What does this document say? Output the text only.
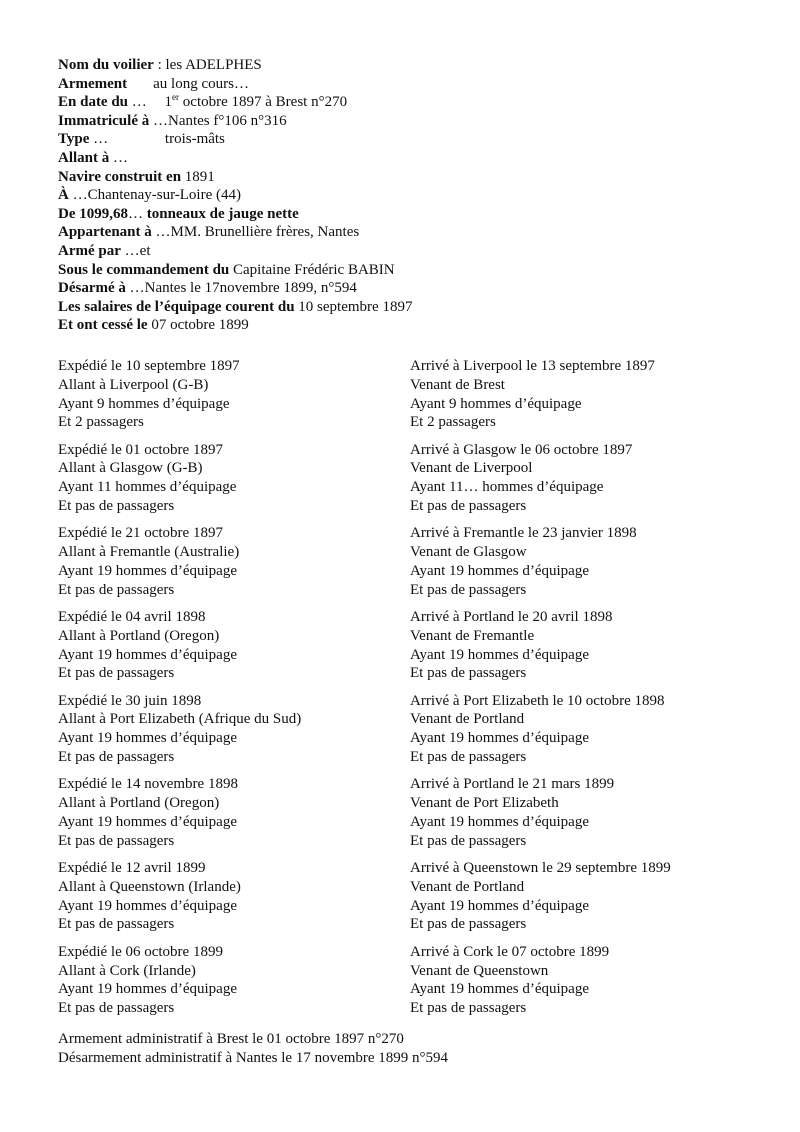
Nom du voilier : les ADELPHES
Armement au long cours…
En date du … 1er octobre 1897 à Brest n°270
Immatriculé à …Nantes f°106 n°316
Type …	trois-mâts
Allant à …
Navire construit en 1891
À …Chantenay-sur-Loire (44)
De 1099,68… tonneaux de jauge nette
Appartenant à …MM. Brunellière frères, Nantes
Armé par …et
Sous le commandement du Capitaine Frédéric BABIN
Désarmé à …Nantes le 17novembre 1899, n°594
Les salaires de l’équipage courent du 10 septembre 1897
Et ont cessé le 07 octobre 1899
Expédié le 10 septembre 1897
Allant à Liverpool (G-B)
Ayant 9 hommes d’équipage
Et 2 passagers
Arrivé à Liverpool le 13 septembre 1897
Venant de Brest
Ayant 9 hommes d’équipage
Et 2 passagers
Expédié le 01 octobre 1897
Allant à Glasgow (G-B)
Ayant 11 hommes d’équipage
Et pas de passagers
Arrivé à Glasgow le 06 octobre 1897
Venant de Liverpool
Ayant 11… hommes d’équipage
Et pas de passagers
Expédié le 21 octobre 1897
Allant à Fremantle (Australie)
Ayant 19 hommes d’équipage
Et pas de passagers
Arrivé à Fremantle le 23 janvier 1898
Venant de Glasgow
Ayant 19 hommes d’équipage
Et pas de passagers
Expédié le 04 avril 1898
Allant à Portland (Oregon)
Ayant 19 hommes d’équipage
Et pas de passagers
Arrivé à Portland le 20 avril 1898
Venant de Fremantle
Ayant 19 hommes d’équipage
Et pas de passagers
Expédié le 30 juin 1898
Allant à Port Elizabeth (Afrique du Sud)
Ayant 19 hommes d’équipage
Et pas de passagers
Arrivé à Port Elizabeth le 10 octobre 1898
Venant de Portland
Ayant 19 hommes d’équipage
Et pas de passagers
Expédié le 14 novembre 1898
Allant à Portland (Oregon)
Ayant 19 hommes d’équipage
Et pas de passagers
Arrivé à Portland le 21 mars 1899
Venant de Port Elizabeth
Ayant 19 hommes d’équipage
Et pas de passagers
Expédié le 12 avril 1899
Allant à Queenstown (Irlande)
Ayant 19 hommes d’équipage
Et pas de passagers
Arrivé à Queenstown le 29 septembre 1899
Venant de Portland
Ayant 19 hommes d’équipage
Et pas de passagers
Expédié le 06 octobre 1899
Allant à Cork (Irlande)
Ayant 19 hommes d’équipage
Et pas de passagers
Arrivé à Cork le 07 octobre 1899
Venant de Queenstown
Ayant 19 hommes d’équipage
Et pas de passagers
Armement administratif à Brest le 01 octobre 1897 n°270
Désarmement administratif à Nantes le 17 novembre 1899 n°594
